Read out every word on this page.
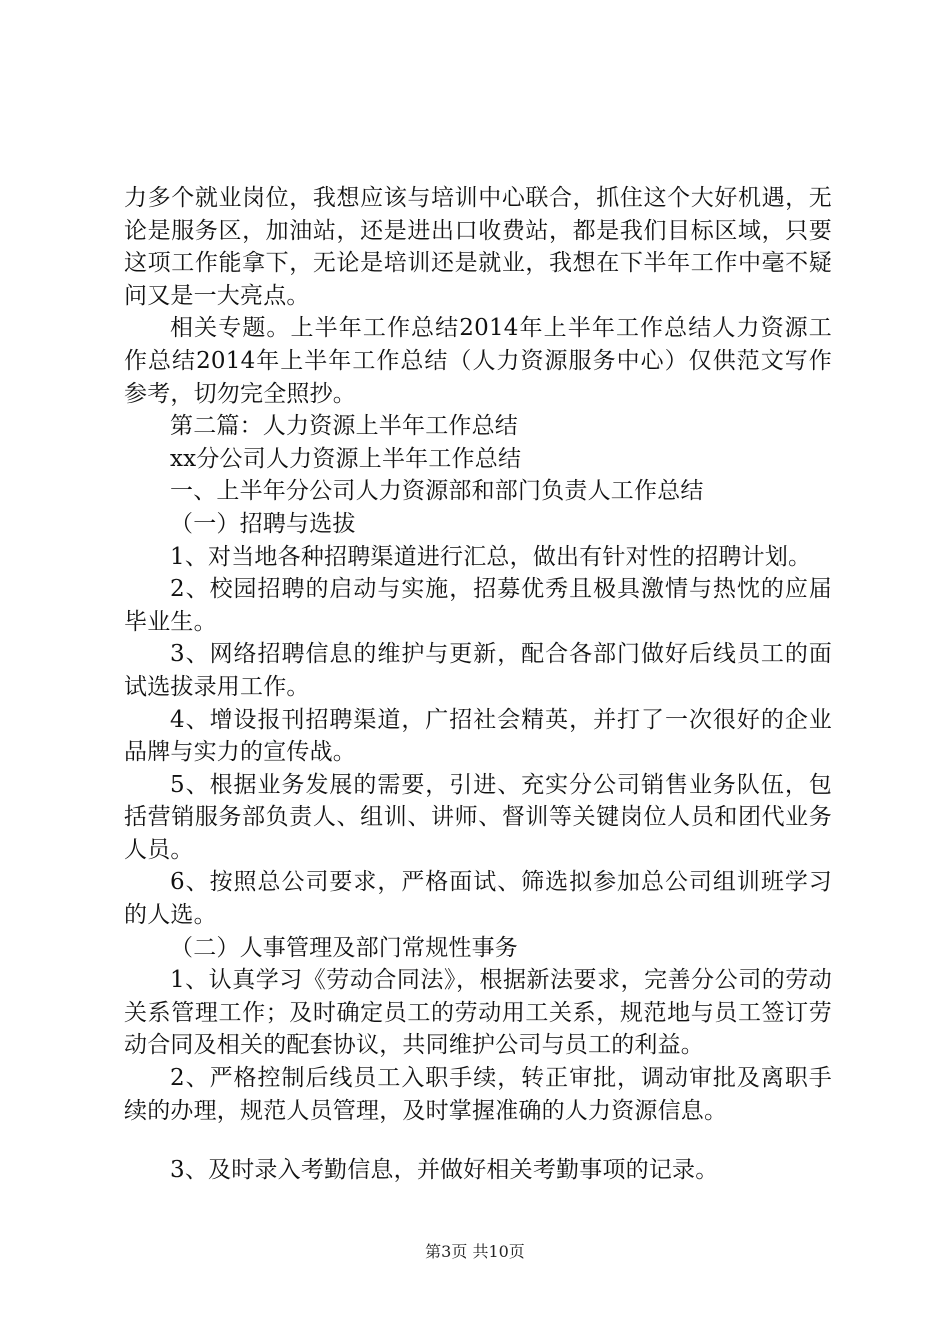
力多个就业岗位，我想应该与培训中心联合，抓住这个大好机遇，无论是服务区，加油站，还是进出口收费站，都是我们目标区域，只要这项工作能拿下，无论是培训还是就业，我想在下半年工作中毫不疑问又是一大亮点。

相关专题。上半年工作总结2014年上半年工作总结人力资源工作总结2014年上半年工作总结（人力资源服务中心）仅供范文写作参考，切勿完全照抄。

第二篇：人力资源上半年工作总结

xx分公司人力资源上半年工作总结

一、上半年分公司人力资源部和部门负责人工作总结

（一）招聘与选拔

1、对当地各种招聘渠道进行汇总，做出有针对性的招聘计划。

2、校园招聘的启动与实施，招募优秀且极具激情与热忱的应届毕业生。

3、网络招聘信息的维护与更新，配合各部门做好后线员工的面试选拔录用工作。

4、增设报刊招聘渠道，广招社会精英，并打了一次很好的企业品牌与实力的宣传战。

5、根据业务发展的需要，引进、充实分公司销售业务队伍，包括营销服务部负责人、组训、讲师、督训等关键岗位人员和团代业务人员。

6、按照总公司要求，严格面试、筛选拟参加总公司组训班学习的人选。

（二）人事管理及部门常规性事务

1、认真学习《劳动合同法》，根据新法要求，完善分公司的劳动关系管理工作；及时确定员工的劳动用工关系，规范地与员工签订劳动合同及相关的配套协议，共同维护公司与员工的利益。

2、严格控制后线员工入职手续，转正审批，调动审批及离职手续的办理，规范人员管理，及时掌握准确的人力资源信息。

3、及时录入考勤信息，并做好相关考勤事项的记录。

第3页 共10页
